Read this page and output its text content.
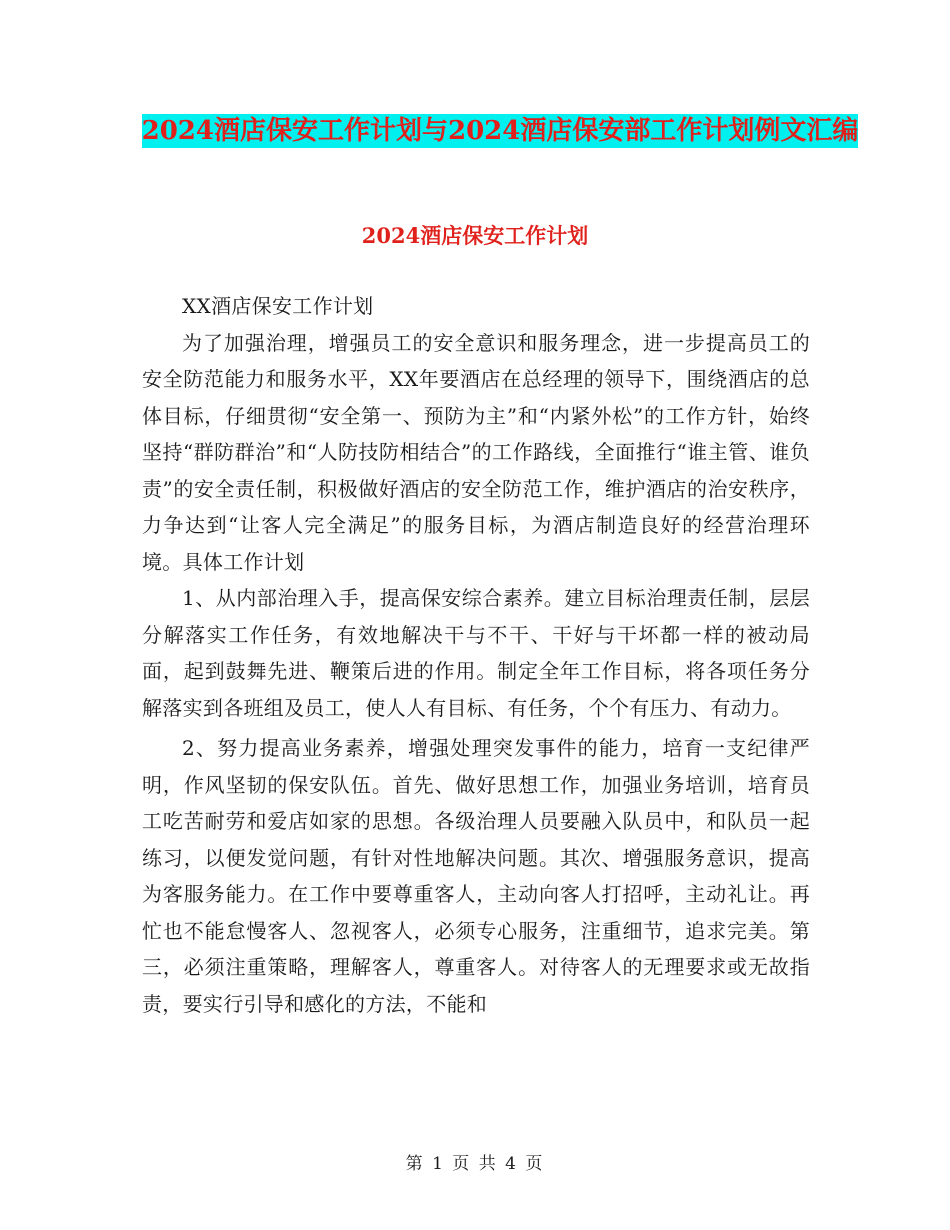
2024酒店保安工作计划与2024酒店保安部工作计划例文汇编
2024酒店保安工作计划

XX酒店保安工作计划

为了加强治理，增强员工的安全意识和服务理念，进一步提高员工的安全防范能力和服务水平，XX年要酒店在总经理的领导下，围绕酒店的总体目标，仔细贯彻“安全第一、预防为主”和“内紧外松”的工作方针，始终坚持“群防群治”和“人防技防相结合”的工作路线，全面推行“谁主管、谁负责”的安全责任制，积极做好酒店的安全防范工作，维护酒店的治安秩序，力争达到“让客人完全满足”的服务目标，为酒店制造良好的经营治理环境。具体工作计划

1、从内部治理入手，提高保安综合素养。建立目标治理责任制，层层分解落实工作任务，有效地解决干与不干、干好与干坏都一样的被动局面，起到鼓舞先进、鞭策后进的作用。制定全年工作目标，将各项任务分解落实到各班组及员工，使人人有目标、有任务，个个有压力、有动力。

2、努力提高业务素养，增强处理突发事件的能力，培育一支纪律严明，作风坚韧的保安队伍。首先、做好思想工作，加强业务培训，培育员工吃苦耐劳和爱店如家的思想。各级治理人员要融入队员中，和队员一起练习，以便发觉问题，有针对性地解决问题。其次、增强服务意识，提高为客服务能力。在工作中要尊重客人，主动向客人打招呼，主动礼让。再忙也不能怠慢客人、忽视客人，必须专心服务，注重细节，追求完美。第三，必须注重策略，理解客人，尊重客人。对待客人的无理要求或无故指责，要实行引导和感化的方法，不能和

第 1 页 共 4 页
